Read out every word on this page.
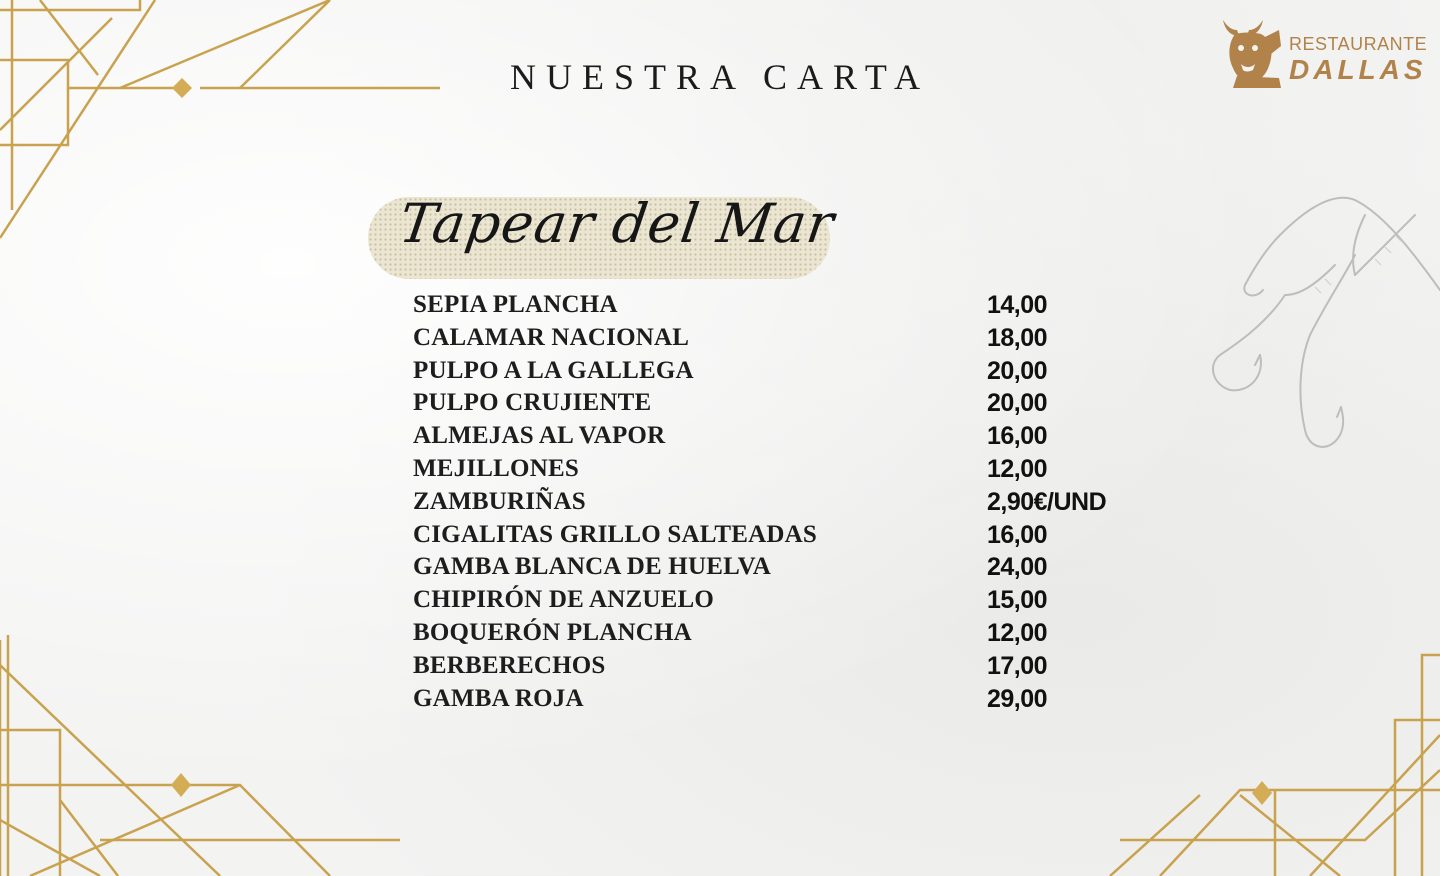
NUESTRA CARTA
RESTAURANTE
DALLAS
Tapear del Mar
SEPIA PLANCHA	14,00
CALAMAR NACIONAL	18,00
PULPO A LA GALLEGA	20,00
PULPO CRUJIENTE	20,00
ALMEJAS AL VAPOR	16,00
MEJILLONES	12,00
ZAMBURIÑAS	2,90€/UND
CIGALITAS GRILLO SALTEADAS	16,00
GAMBA BLANCA DE HUELVA	24,00
CHIPIRÓN DE ANZUELO	15,00
BOQUERÓN PLANCHA	12,00
BERBERECHOS	17,00
GAMBA ROJA	29,00
